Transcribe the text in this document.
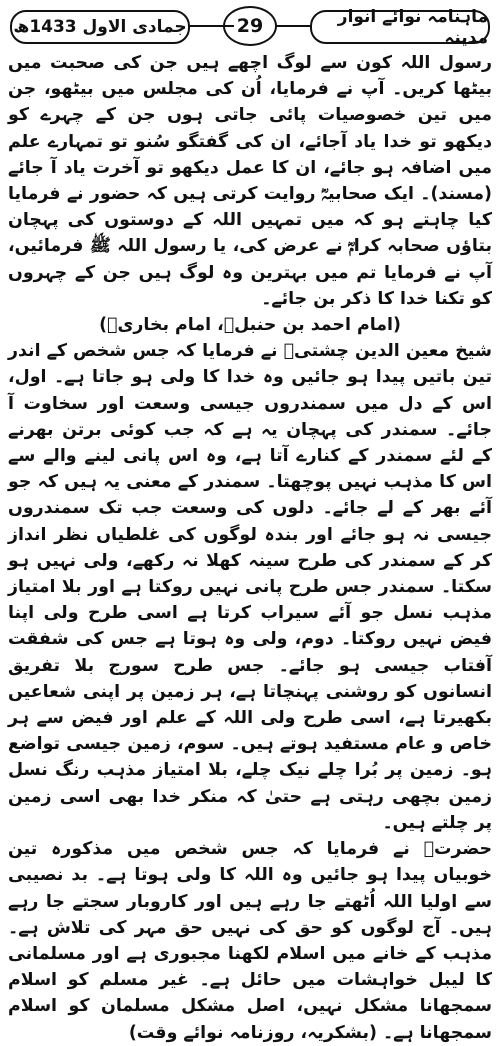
ماہنامہ نوائے انوار مدینہ
29
جمادی الاول 1433ھ

رسول اللہ کون سے لوگ اچھے ہیں جن کی صحبت میں بیٹھا کریں۔ آپ نے فرمایا، اُن کی مجلس میں بیٹھو، جن میں تین خصوصیات پائی جاتی ہوں جن کے چہرے کو دیکھو تو خدا یاد آجائے، ان کی گفتگو سُنو تو تمہارے علم میں اضافہ ہو جائے، ان کا عمل دیکھو تو آخرت یاد آ جائے (مسند)۔ ایک صحابیہؓ روایت کرتی ہیں کہ حضور نے فرمایا کیا چاہتے ہو کہ میں تمہیں اللہ کے دوستوں کی پہچان بتاؤں صحابہ کرامؓ نے عرض کی، یا رسول اللہ ﷺ فرمائیں، آپ نے فرمایا تم میں بہترین وہ لوگ ہیں جن کے چہروں کو تکنا خدا کا ذکر بن جائے۔

(امام احمد بن حنبلؒ، امام بخاریؒ)

شیخ معین الدین چشتیؒ نے فرمایا کہ جس شخص کے اندر تین باتیں پیدا ہو جائیں وہ خدا کا ولی ہو جاتا ہے۔ اول، اس کے دل میں سمندروں جیسی وسعت اور سخاوت آ جائے۔ سمندر کی پہچان یہ ہے کہ جب کوئی برتن بھرنے کے لئے سمندر کے کنارے آتا ہے، وہ اس پانی لینے والے سے اس کا مذہب نہیں پوچھتا۔ سمندر کے معنی یہ ہیں کہ جو آئے بھر کے لے جائے۔ دلوں کی وسعت جب تک سمندروں جیسی نہ ہو جائے اور بندہ لوگوں کی غلطیاں نظر انداز کر کے سمندر کی طرح سینہ کھلا نہ رکھے، ولی نہیں ہو سکتا۔ سمندر جس طرح پانی نہیں روکتا ہے اور بلا امتیاز مذہب نسل جو آئے سیراب کرتا ہے اسی طرح ولی اپنا فیض نہیں روکتا۔ دوم، ولی وہ ہوتا ہے جس کی شفقت آفتاب جیسی ہو جائے۔ جس طرح سورج بلا تفریق انسانوں کو روشنی پہنچاتا ہے، ہر زمین پر اپنی شعاعیں بکھیرتا ہے، اسی طرح ولی اللہ کے علم اور فیض سے ہر خاص و عام مستفید ہوتے ہیں۔ سوم، زمین جیسی تواضع ہو۔ زمین پر بُرا چلے نیک چلے، بلا امتیاز مذہب رنگ نسل زمین بچھی رہتی ہے حتیٰ کہ منکر خدا بھی اسی زمین پر چلتے ہیں۔

حضرتؒ نے فرمایا کہ جس شخص میں مذکورہ تین خوبیاں پیدا ہو جائیں وہ اللہ کا ولی ہوتا ہے۔ بد نصیبی سے اولیا اللہ اُٹھتے جا رہے ہیں اور کاروبار سجتے جا رہے ہیں۔ آج لوگوں کو حق کی نہیں حق مہر کی تلاش ہے۔ مذہب کے خانے میں اسلام لکھنا مجبوری ہے اور مسلمانی کا لیبل خواہشات میں حائل ہے۔ غیر مسلم کو اسلام سمجھانا مشکل نہیں، اصل مشکل مسلمان کو اسلام سمجھانا ہے۔ (بشکریہ، روزنامہ نوائے وقت)
